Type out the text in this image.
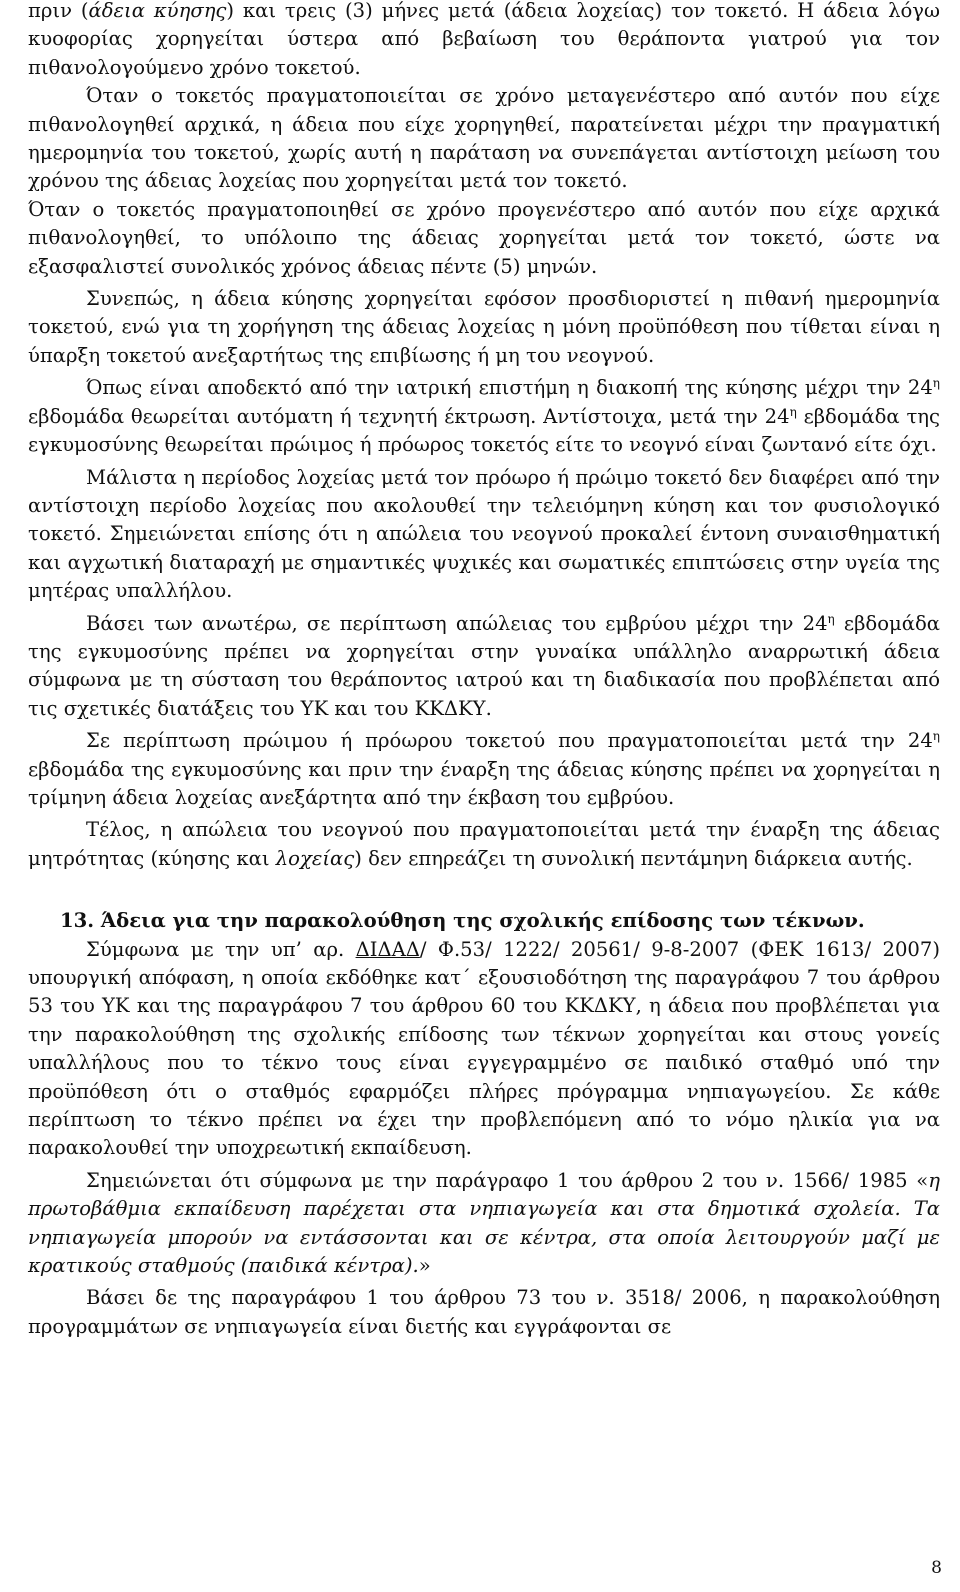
πριν (άδεια κύησης) και τρεις (3) μήνες μετά (άδεια λοχείας) τον τοκετό. Η άδεια λόγω κυοφορίας χορηγείται ύστερα από βεβαίωση του θεράποντα γιατρού για τον πιθανολογούμενο χρόνο τοκετού.

Όταν ο τοκετός πραγματοποιείται σε χρόνο μεταγενέστερο από αυτόν που είχε πιθανολογηθεί αρχικά, η άδεια που είχε χορηγηθεί, παρατείνεται μέχρι την πραγματική ημερομηνία του τοκετού, χωρίς αυτή η παράταση να συνεπάγεται αντίστοιχη μείωση του χρόνου της άδειας λοχείας που χορηγείται μετά τον τοκετό.

Όταν ο τοκετός πραγματοποιηθεί σε χρόνο προγενέστερο από αυτόν που είχε αρχικά πιθανολογηθεί, το υπόλοιπο της άδειας χορηγείται μετά τον τοκετό, ώστε να εξασφαλιστεί συνολικός χρόνος άδειας πέντε (5) μηνών.

Συνεπώς, η άδεια κύησης χορηγείται εφόσον προσδιοριστεί η πιθανή ημερομηνία τοκετού, ενώ για τη χορήγηση της άδειας λοχείας η μόνη προϋπόθεση που τίθεται είναι η ύπαρξη τοκετού ανεξαρτήτως της επιβίωσης ή μη του νεογνού.

Όπως είναι αποδεκτό από την ιατρική επιστήμη η διακοπή της κύησης μέχρι την $24^\eta$ εβδομάδα θεωρείται αυτόματη ή τεχνητή έκτρωση. Αντίστοιχα, μετά την $24^\eta$ εβδομάδα της εγκυμοσύνης θεωρείται πρώιμος ή πρόωρος τοκετός είτε το νεογνό είναι ζωντανό είτε όχι.

Μάλιστα η περίοδος λοχείας μετά τον πρόωρο ή πρώιμο τοκετό δεν διαφέρει από την αντίστοιχη περίοδο λοχείας που ακολουθεί την τελειόμηνη κύηση και τον φυσιολογικό τοκετό. Σημειώνεται επίσης ότι η απώλεια του νεογνού προκαλεί έντονη συναισθηματική και αγχωτική διαταραχή με σημαντικές ψυχικές και σωματικές επιπτώσεις στην υγεία της μητέρας υπαλλήλου.

Βάσει των ανωτέρω, σε περίπτωση απώλειας του εμβρύου μέχρι την $24^\eta$ εβδομάδα της εγκυμοσύνης πρέπει να χορηγείται στην γυναίκα υπάλληλο αναρρωτική άδεια σύμφωνα με τη σύσταση του θεράποντος ιατρού και τη διαδικασία που προβλέπεται από τις σχετικές διατάξεις του ΥΚ και του ΚΚΔΚΥ.

Σε περίπτωση πρώιμου ή πρόωρου τοκετού που πραγματοποιείται μετά την $24^\eta$ εβδομάδα της εγκυμοσύνης και πριν την έναρξη της άδειας κύησης πρέπει να χορηγείται η τρίμηνη άδεια λοχείας ανεξάρτητα από την έκβαση του εμβρύου.

Τέλος, η απώλεια του νεογνού που πραγματοποιείται μετά την έναρξη της άδειας μητρότητας (κύησης και λοχείας) δεν επηρεάζει τη συνολική πεντάμηνη διάρκεια αυτής.

13. Άδεια για την παρακολούθηση της σχολικής επίδοσης των τέκνων.

Σύμφωνα με την υπ’ αρ. ΔΙΔΑΔ/ Φ.53/ 1222/ 20561/ 9-8-2007 (ΦΕΚ 1613/ 2007) υπουργική απόφαση, η οποία εκδόθηκε κατ΄ εξουσιοδότηση της παραγράφου 7 του άρθρου 53 του ΥΚ και της παραγράφου 7 του άρθρου 60 του ΚΚΔΚΥ, η άδεια που προβλέπεται για την παρακολούθηση της σχολικής επίδοσης των τέκνων χορηγείται και στους γονείς υπαλλήλους που το τέκνο τους είναι εγγεγραμμένο σε παιδικό σταθμό υπό την προϋπόθεση ότι ο σταθμός εφαρμόζει πλήρες πρόγραμμα νηπιαγωγείου. Σε κάθε περίπτωση το τέκνο πρέπει να έχει την προβλεπόμενη από το νόμο ηλικία για να παρακολουθεί την υποχρεωτική εκπαίδευση.

Σημειώνεται ότι σύμφωνα με την παράγραφο 1 του άρθρου 2 του ν. 1566/ 1985 «η πρωτοβάθμια εκπαίδευση παρέχεται στα νηπιαγωγεία και στα δημοτικά σχολεία. Τα νηπιαγωγεία μπορούν να εντάσσονται και σε κέντρα, στα οποία λειτουργούν μαζί με κρατικούς σταθμούς (παιδικά κέντρα).»

Βάσει δε της παραγράφου 1 του άρθρου 73 του ν. 3518/ 2006, η παρακολούθηση προγραμμάτων σε νηπιαγωγεία είναι διετής και εγγράφονται σε

8
